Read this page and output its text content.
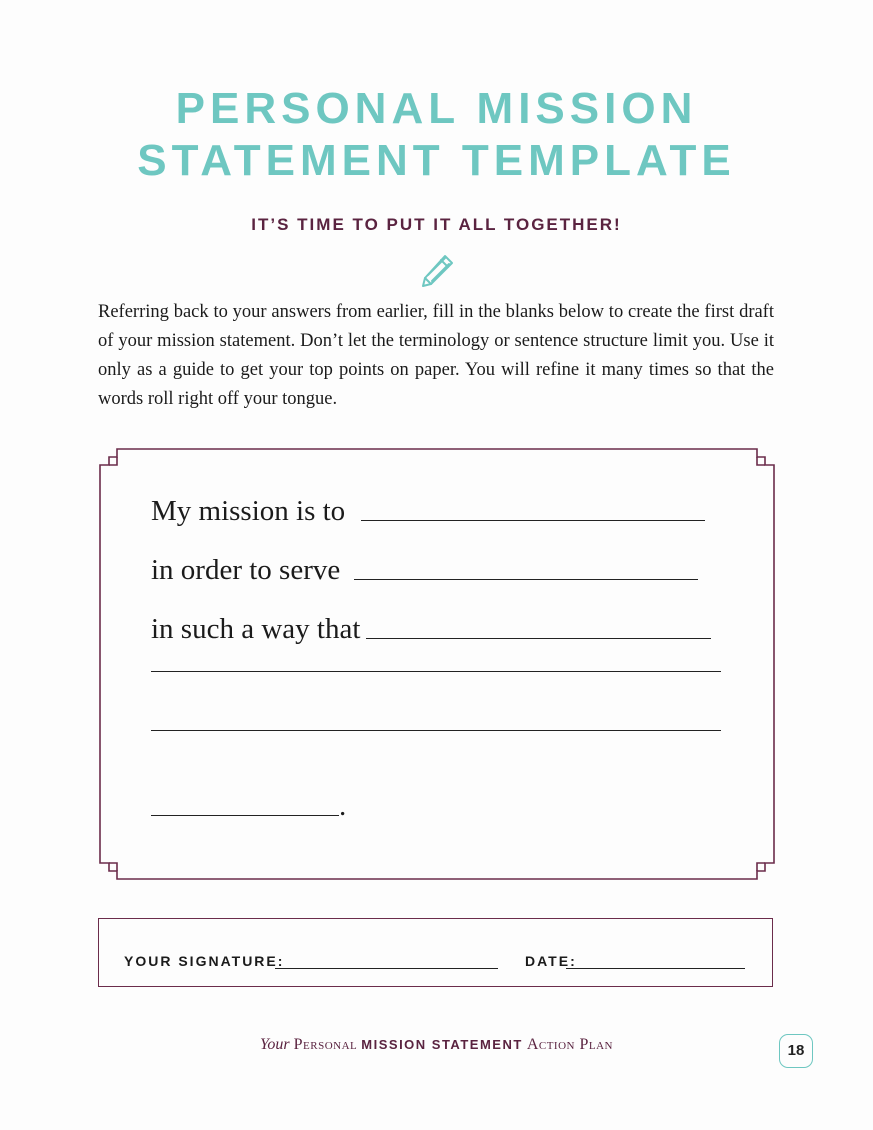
PERSONAL MISSION
STATEMENT TEMPLATE
IT’S TIME TO PUT IT ALL TOGETHER!

Referring back to your answers from earlier, fill in the blanks below to create the first draft of your mission statement. Don’t let the terminology or sentence structure limit you. Use it only as a guide to get your top points on paper. You will refine it many times so that the words roll right off your tongue.

My mission is to
in order to serve
in such a way that
.
YOUR SIGNATURE:	DATE:
Your Personal MISSION STATEMENT Action Plan	18
